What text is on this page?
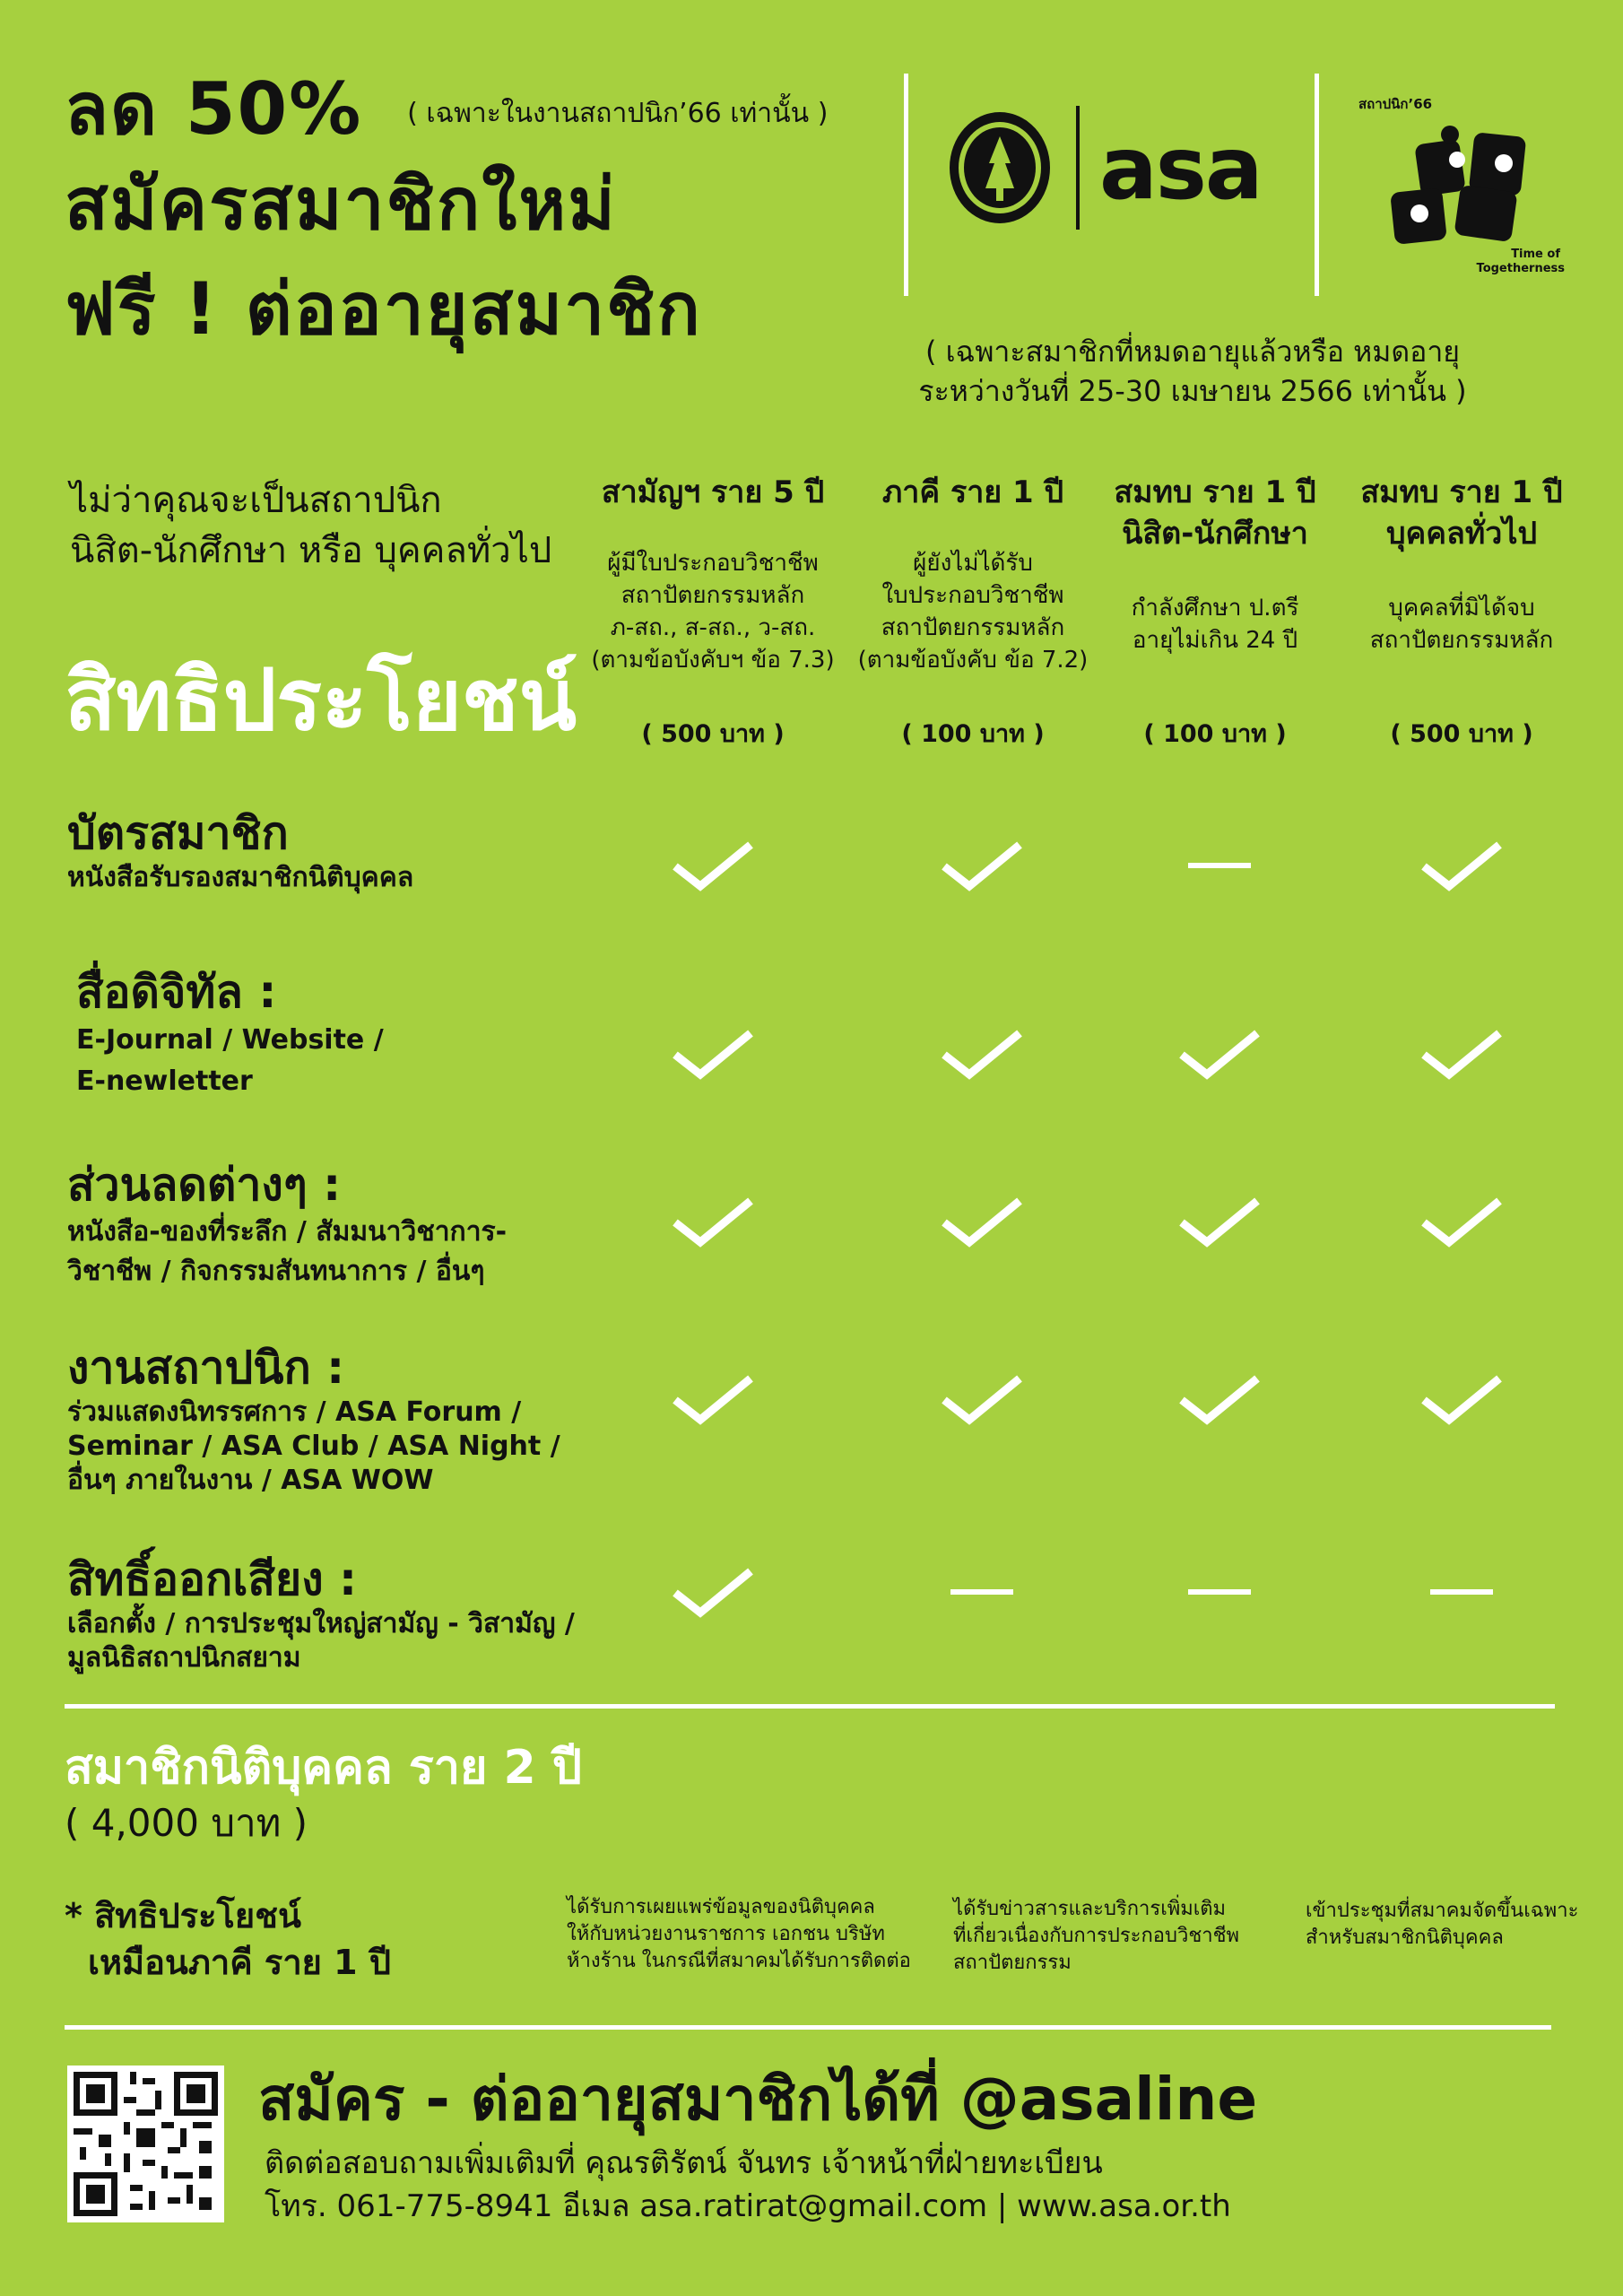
ลด 50% ( เฉพาะในงานสถาปนิก’66 เท่านั้น )
สมัครสมาชิกใหม่
ฟรี ! ต่ออายุสมาชิก
asa
สถาปนิก’66
Time of
Togetherness
( เฉพาะสมาชิกที่หมดอายุแล้วหรือ หมดอายุ
ระหว่างวันที่ 25-30 เมษายน 2566 เท่านั้น )
ไม่ว่าคุณจะเป็นสถาปนิก
นิสิต-นักศึกษา หรือ บุคคลทั่วไป
สิทธิประโยชน์
สามัญฯ ราย 5 ปี
ผู้มีใบประกอบวิชาชีพ
สถาปัตยกรรมหลัก
ภ-สถ., ส-สถ., ว-สถ.
(ตามข้อบังคับฯ ข้อ 7.3)
( 500 บาท )
ภาคี ราย 1 ปี
ผู้ยังไม่ได้รับ
ใบประกอบวิชาชีพ
สถาปัตยกรรมหลัก
(ตามข้อบังคับ ข้อ 7.2)
( 100 บาท )
สมทบ ราย 1 ปี
นิสิต-นักศึกษา
กำลังศึกษา ป.ตรี
อายุไม่เกิน 24 ปี
( 100 บาท )
สมทบ ราย 1 ปี
บุคคลทั่วไป
บุคคลที่มิได้จบ
สถาปัตยกรรมหลัก
( 500 บาท )
บัตรสมาชิก
หนังสือรับรองสมาชิกนิติบุคคล
สื่อดิจิทัล :
E-Journal / Website /
E-newletter
ส่วนลดต่างๆ :
หนังสือ-ของที่ระลึก / สัมมนาวิชาการ-
วิชาชีพ / กิจกรรมสันทนาการ / อื่นๆ
งานสถาปนิก :
ร่วมแสดงนิทรรศการ / ASA Forum /
Seminar / ASA Club / ASA Night /
อื่นๆ ภายในงาน / ASA WOW
สิทธิ์ออกเสียง :
เลือกตั้ง / การประชุมใหญ่สามัญ - วิสามัญ /
มูลนิธิสถาปนิกสยาม
สมาชิกนิติบุคคล ราย 2 ปี
( 4,000 บาท )
* สิทธิประโยชน์
เหมือนภาคี ราย 1 ปี
ได้รับการเผยแพร่ข้อมูลของนิติบุคคล
ให้กับหน่วยงานราชการ เอกชน บริษัท
ห้างร้าน ในกรณีที่สมาคมได้รับการติดต่อ
ได้รับข่าวสารและบริการเพิ่มเติม
ที่เกี่ยวเนื่องกับการประกอบวิชาชีพ
สถาปัตยกรรม
เข้าประชุมที่สมาคมจัดขึ้นเฉพาะ
สำหรับสมาชิกนิติบุคคล
สมัคร - ต่ออายุสมาชิกได้ที่ @asaline
ติดต่อสอบถามเพิ่มเติมที่ คุณรติรัตน์ จันทร เจ้าหน้าที่ฝ่ายทะเบียน
โทร. 061-775-8941 อีเมล asa.ratirat@gmail.com | www.asa.or.th
